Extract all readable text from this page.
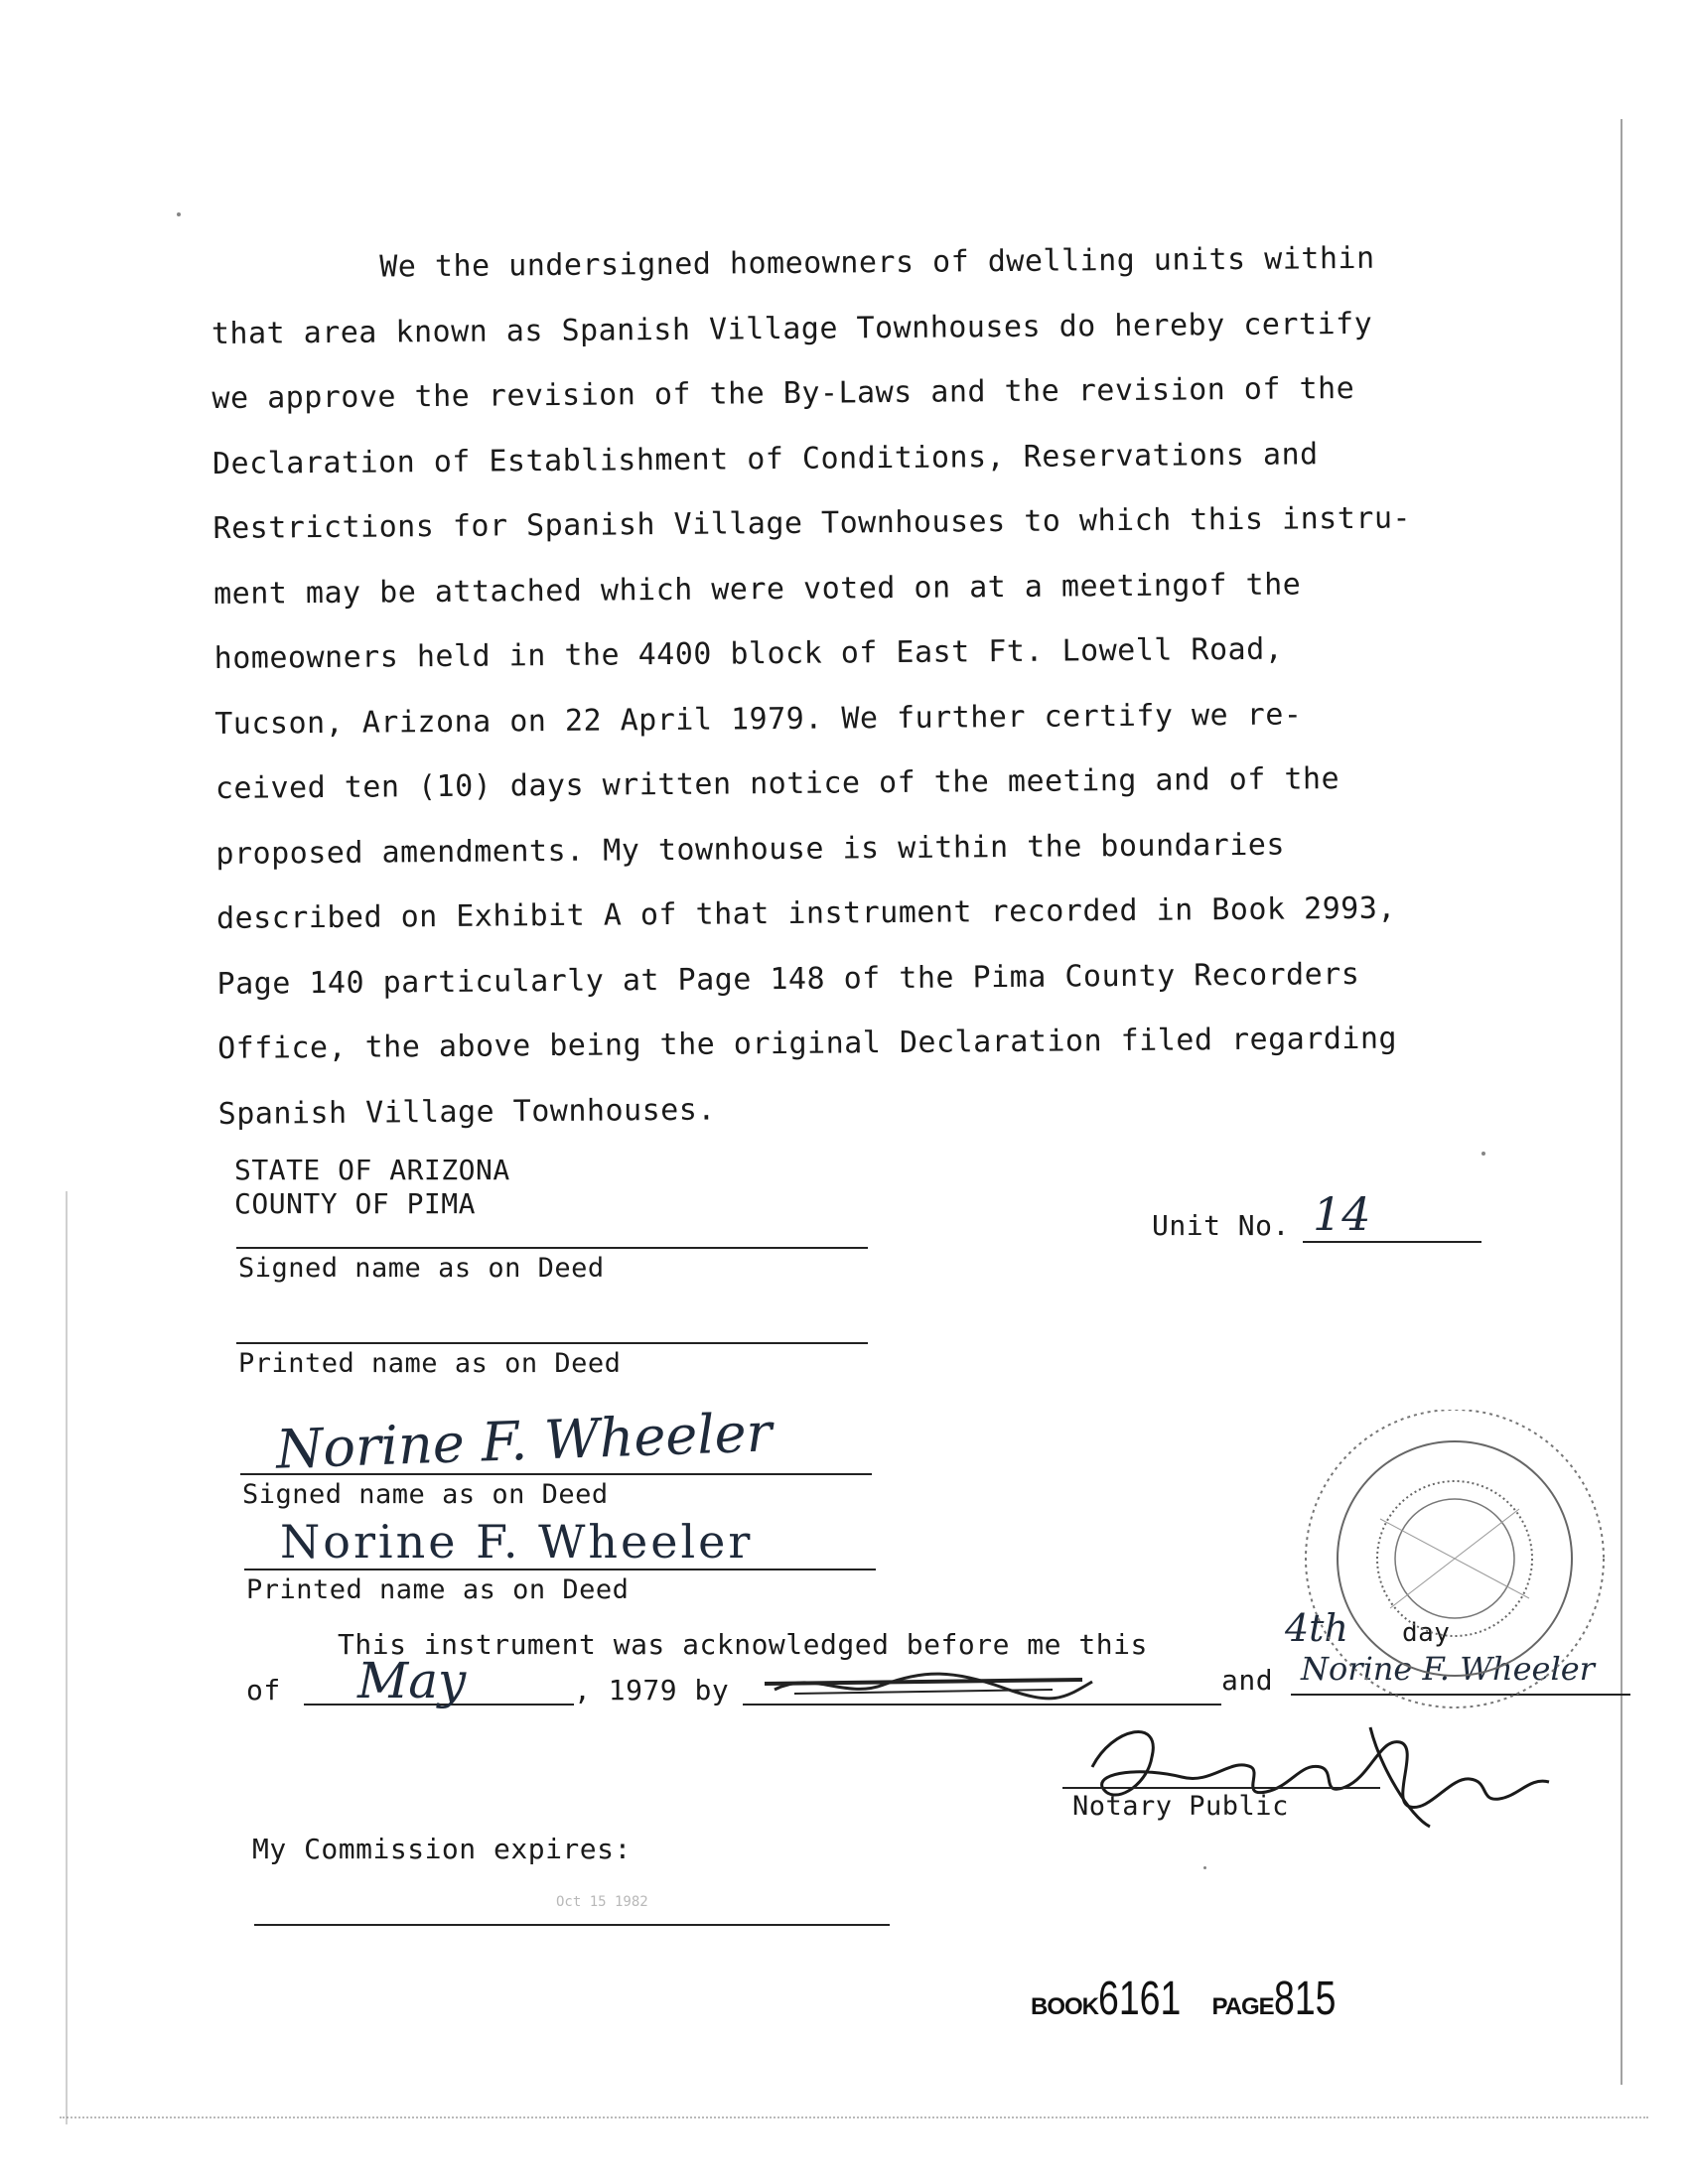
We the undersigned homeowners of dwelling units within
that area known as Spanish Village Townhouses do hereby certify
we approve the revision of the By-Laws and the revision of the
Declaration of Establishment of Conditions, Reservations and
Restrictions for Spanish Village Townhouses to which this instru-
ment may be attached which were voted on at a meetingof the
homeowners held in the 4400 block of East Ft. Lowell Road,
Tucson, Arizona on 22 April 1979. We further certify we re-
ceived ten (10) days written notice of the meeting and of the
proposed amendments. My townhouse is within the boundaries
described on Exhibit A of that instrument recorded in Book 2993,
Page 140 particularly at Page 148 of the Pima County Recorders
Office, the above being the original Declaration filed regarding
Spanish Village Townhouses.
STATE OF ARIZONA
COUNTY OF PIMA
Unit No. 14
Signed name as on Deed
Printed name as on Deed
Norine F. Wheeler
Signed name as on Deed
Norine F. Wheeler
Printed name as on Deed
This instrument was acknowledged before me this	4th day
of May	, 1979 by	and Norine F. Wheeler
Notary Public
My Commission expires:
Oct 15 1982
BOOK6161 PAGE815
